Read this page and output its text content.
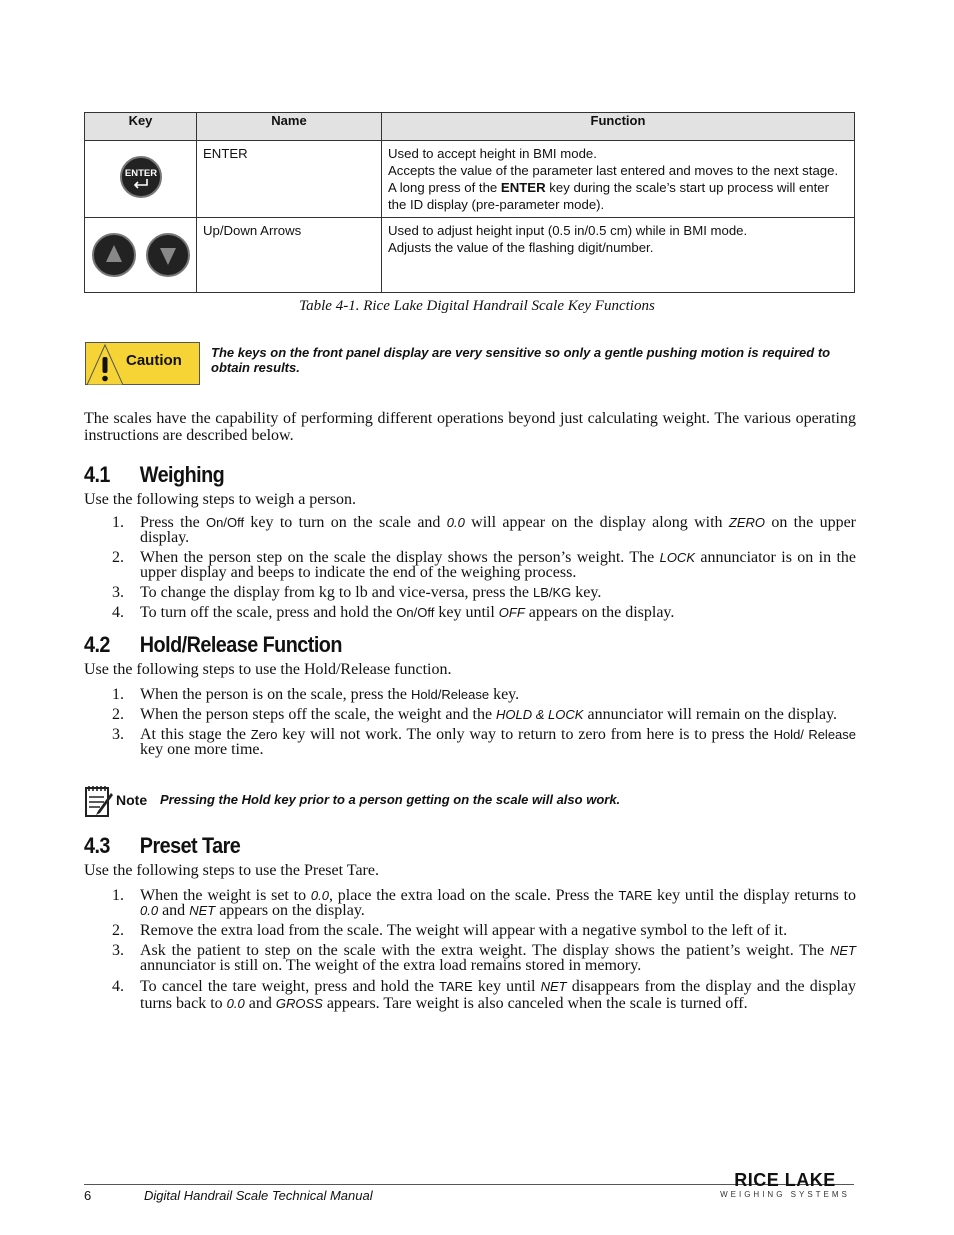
Key	Name	Function

ENTER	ENTER	Used to accept height in BMI mode.
Accepts the value of the parameter last entered and moves to the next stage.
A long press of the ENTER key during the scale’s start up process will enter the ID display (pre-parameter mode).

	Up/Down Arrows	Used to adjust height input (0.5 in/0.5 cm) while in BMI mode.
Adjusts the value of the flashing digit/number.
Table 4-1. Rice Lake Digital Handrail Scale Key Functions
Caution The keys on the front panel display are very sensitive so only a gentle pushing motion is required to obtain results.
The scales have the capability of performing different operations beyond just calculating weight. The various operating instructions are described below.
4.1 Weighing
Use the following steps to weigh a person.
1. Press the On/Off key to turn on the scale and 0.0 will appear on the display along with ZERO on the upper display.
2. When the person step on the scale the display shows the person’s weight. The LOCK annunciator is on in the upper display and beeps to indicate the end of the weighing process.
3. To change the display from kg to lb and vice-versa, press the LB/KG key.
4. To turn off the scale, press and hold the On/Off key until OFF appears on the display.
4.2 Hold/Release Function
Use the following steps to use the Hold/Release function.
1. When the person is on the scale, press the Hold/Release key.
2. When the person steps off the scale, the weight and the HOLD & LOCK annunciator will remain on the display.
3. At this stage the Zero key will not work. The only way to return to zero from here is to press the Hold/ Release key one more time.
Note Pressing the Hold key prior to a person getting on the scale will also work.
4.3 Preset Tare
Use the following steps to use the Preset Tare.
1. When the weight is set to 0.0, place the extra load on the scale. Press the TARE key until the display returns to 0.0 and NET appears on the display.
2. Remove the extra load from the scale. The weight will appear with a negative symbol to the left of it.
3. Ask the patient to step on the scale with the extra weight. The display shows the patient’s weight. The NET annunciator is still on. The weight of the extra load remains stored in memory.
4. To cancel the tare weight, press and hold the TARE key until NET disappears from the display and the display turns back to 0.0 and GROSS appears. Tare weight is also canceled when the scale is turned off.
6	Digital Handrail Scale Technical Manual
RICE LAKE
WEIGHING SYSTEMS
